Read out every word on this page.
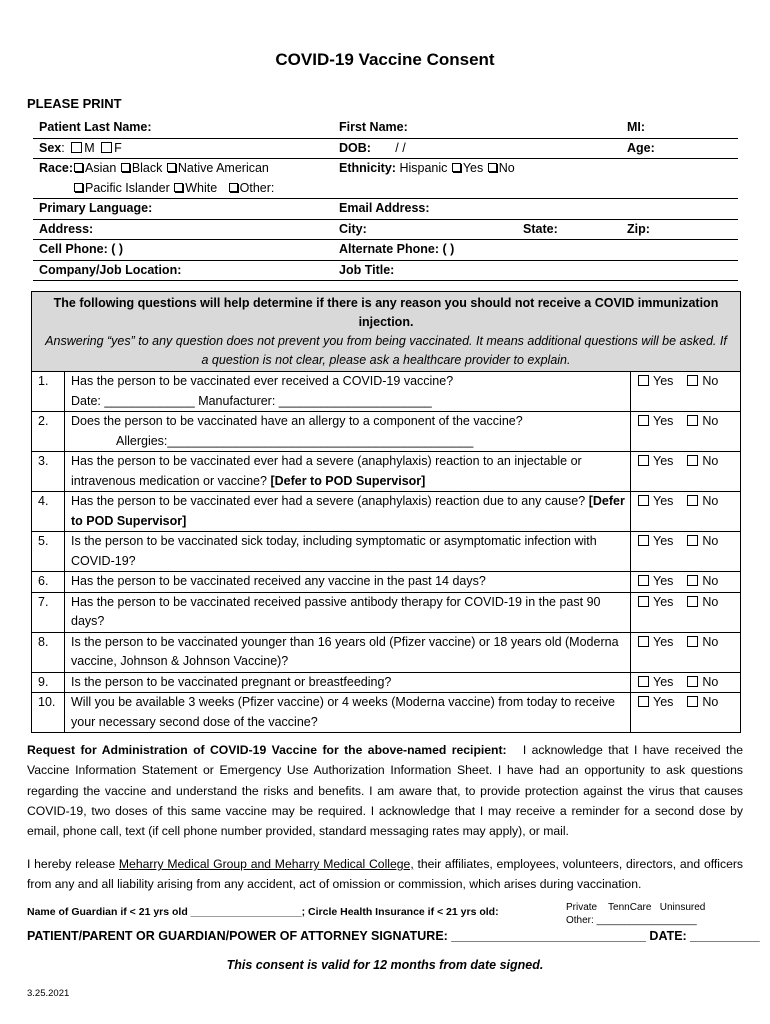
COVID-19 Vaccine Consent
PLEASE PRINT
Patient Last Name:	First Name:	MI:
Sex: M F	DOB:       / /	Age:
Race: Asian Black Native American	Ethnicity: Hispanic Yes No
Pacific Islander White Other:
Primary Language:	Email Address:
Address:	City:	State:	Zip:
Cell Phone: ( )	Alternate Phone: ( )
Company/Job Location:	Job Title:
The following questions will help determine if there is any reason you should not receive a COVID immunization injection.
Answering “yes” to any question does not prevent you from being vaccinated. It means additional questions will be asked. If a question is not clear, please ask a healthcare provider to explain.
1.	Has the person to be vaccinated ever received a COVID-19 vaccine?
Date: _____________ Manufacturer: ______________________
Yes No
2.	Does the person to be vaccinated have an allergy to a component of the vaccine?
Allergies:____________________________________________
Yes No
3.	Has the person to be vaccinated ever had a severe (anaphylaxis) reaction to an injectable or intravenous medication or vaccine? [Defer to POD Supervisor]
Yes No
4.	Has the person to be vaccinated ever had a severe (anaphylaxis) reaction due to any cause? [Defer to POD Supervisor]
Yes No
5.	Is the person to be vaccinated sick today, including symptomatic or asymptomatic infection with COVID-19?
Yes No
6.	Has the person to be vaccinated received any vaccine in the past 14 days?	Yes No
7.	Has the person to be vaccinated received passive antibody therapy for COVID-19 in the past 90 days?
Yes No
8.	Is the person to be vaccinated younger than 16 years old (Pfizer vaccine) or 18 years old (Moderna vaccine, Johnson & Johnson Vaccine)?
Yes No
9.	Is the person to be vaccinated pregnant or breastfeeding?	Yes No
10.	Will you be available 3 weeks (Pfizer vaccine) or 4 weeks (Moderna vaccine) from today to receive your necessary second dose of the vaccine?
Yes No
Request for Administration of COVID-19 Vaccine for the above-named recipient: I acknowledge that I have received the Vaccine Information Statement or Emergency Use Authorization Information Sheet. I have had an opportunity to ask questions regarding the vaccine and understand the risks and benefits. I am aware that, to provide protection against the virus that causes COVID-19, two doses of this same vaccine may be required. I acknowledge that I may receive a reminder for a second dose by email, phone call, text (if cell phone number provided, standard messaging rates may apply), or mail.
I hereby release Meharry Medical Group and Meharry Medical College, their affiliates, employees, volunteers, directors, and officers from any and all liability arising from any accident, act of omission or commission, which arises during vaccination.
Name of Guardian if < 21 yrs old ___________________; Circle Health Insurance if < 21 yrs old:	Private    TennCare   Uninsured
Other: __________________
PATIENT/PARENT OR GUARDIAN/POWER OF ATTORNEY SIGNATURE: ____________________________ DATE: __________
This consent is valid for 12 months from date signed.
3.25.2021
